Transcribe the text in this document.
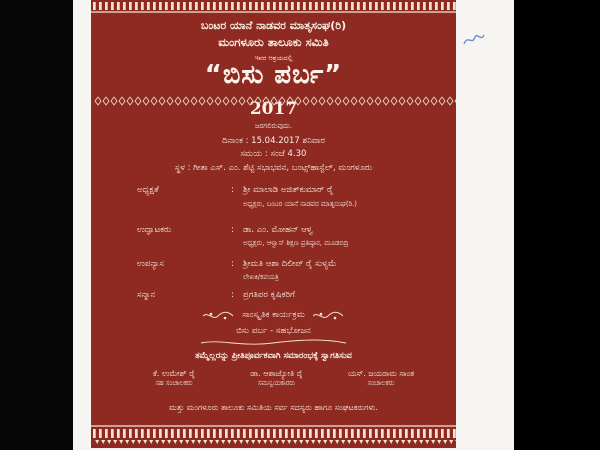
ಬಂಟರ ಯಾನೆ ನಾಡವರ ಮಾತೃಸಂಘ(ರಿ)
ಮಂಗಳೂರು ತಾಲೂಕು ಸಮಿತಿ
ಇವರ ಆಶ್ರಯದಲ್ಲಿ
“ಬಿಸು ಪರ್ಬ”
2017
ಜರಗಲಿರುವುದು.
ದಿನಾಂಕ : 15.04.2017 ಶನಿವಾರ
ಸಮಯ : ಸಂಜೆ 4.30
ಸ್ಥಳ : ಗೀತಾ ಎಸ್. ಎಂ. ಶೆಟ್ಟಿ ಸಭಾಭವನ, ಬಂಟ್ಸ್‌ಹಾಸ್ಟೆಲ್, ಮಂಗಳೂರು
ಅಧ್ಯಕ್ಷತೆ	: ಶ್ರೀ ಮಾಲಾಡಿ ಅಜಿತ್‌ಕುಮಾರ್ ರೈ
ಅಧ್ಯಕ್ಷರು, ಬಂಟರ ಯಾನೆ ನಾಡವರ ಮಾತೃಸಂಘ(ರಿ.)
ಉದ್ಘಾಟಕರು	: ಡಾ. ಎಂ. ಮೋಹನ್ ಆಳ್ವ
ಅಧ್ಯಕ್ಷರು, ಆಳ್ವಾಸ್ ಶಿಕ್ಷಣ ಪ್ರತಿಷ್ಠಾನ, ಮೂಡಬಿದ್ರಿ
ಉಪನ್ಯಾಸ	: ಶ್ರೀಮತಿ ಆಶಾ ದಿಲೀಪ್ ರೈ ಸುಳ್ಯಮೆ
ಲೇಖಕಿ/ಕವಯತ್ರಿ
ಸನ್ಮಾನ	: ಪ್ರಗತಿಪರ ಕೃಷಿಕರಿಗೆ
ಸಾಂಸ್ಕೃತಿಕ ಕಾರ್ಯಕ್ರಮ
ಬಿಸು ಪರ್ಬ - ಸಹಭೋಜನ
ತಮ್ಮೆಲ್ಲರನ್ನು ಪ್ರೀತಿಪೂರ್ವಕವಾಗಿ ಸಮಾರಂಭಕ್ಕೆ ಸ್ವಾಗತಿಸುವ
ಕೆ. ಉಮೇಶ್ ರೈ
ಸಹ ಸಂಚಾಲಕರು
ಡಾ. ಆಶಾಜ್ಯೋತಿ ರೈ
ಸಮನ್ವಯಕಾರರು
ಯಸ್. ಜಯರಾಮ ಸಾಂತ
ಸಂಚಾಲಕರು
ಮತ್ತು ಮಂಗಳೂರು ತಾಲೂಕು ಸಮಿತಿಯ ಸರ್ವ ಸದಸ್ಯರು ಹಾಗೂ ಸಂಘಟಕರುಗಳು.
